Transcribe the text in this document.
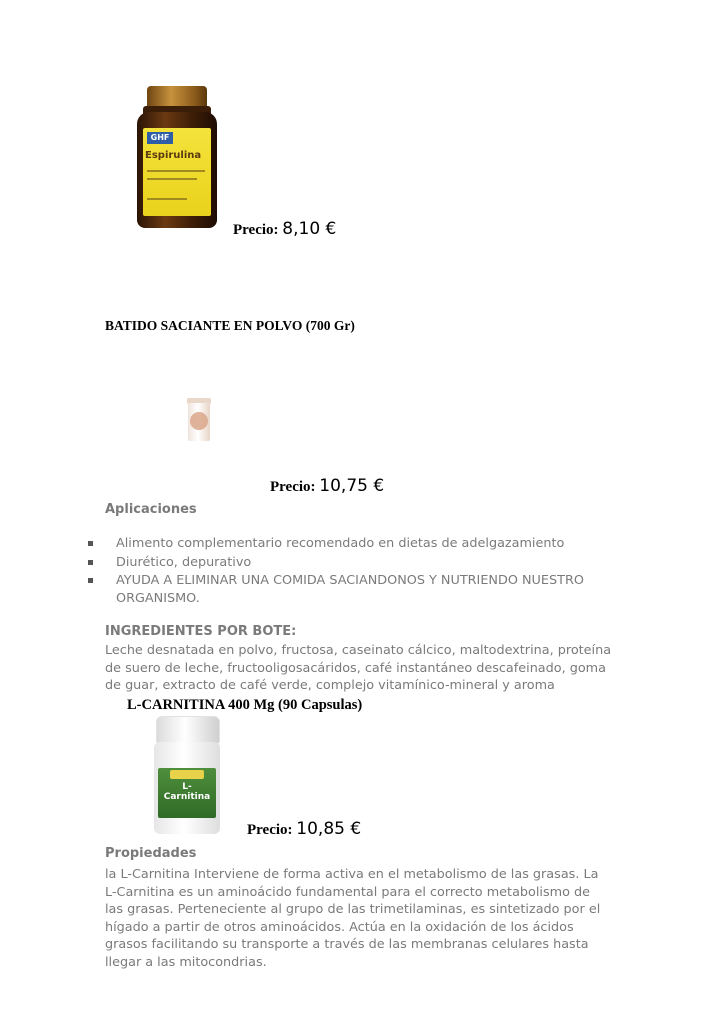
GHF
Espirulina
Precio: 8,10 €
BATIDO SACIANTE EN POLVO (700 Gr)
Precio: 10,75 €
Aplicaciones
Alimento complementario recomendado en dietas de adelgazamiento
Diurético, depurativo
AYUDA A ELIMINAR UNA COMIDA SACIANDONOS Y NUTRIENDO NUESTRO ORGANISMO.
INGREDIENTES POR BOTE:
Leche desnatada en polvo, fructosa, caseinato cálcico, maltodextrina, proteína de suero de leche, fructooligosacáridos, café instantáneo descafeinado, goma de guar, extracto de café verde, complejo vitamínico-mineral y aroma
L-CARNITINA 400 Mg (90 Capsulas)
L-Carnitina
Precio: 10,85 €
Propiedades
la L-Carnitina Interviene de forma activa en el metabolismo de las grasas. La L-Carnitina es un aminoácido fundamental para el correcto metabolismo de las grasas. Perteneciente al grupo de las trimetilaminas, es sintetizado por el hígado a partir de otros aminoácidos. Actúa en la oxidación de los ácidos grasos facilitando su transporte a través de las membranas celulares hasta llegar a las mitocondrias.
